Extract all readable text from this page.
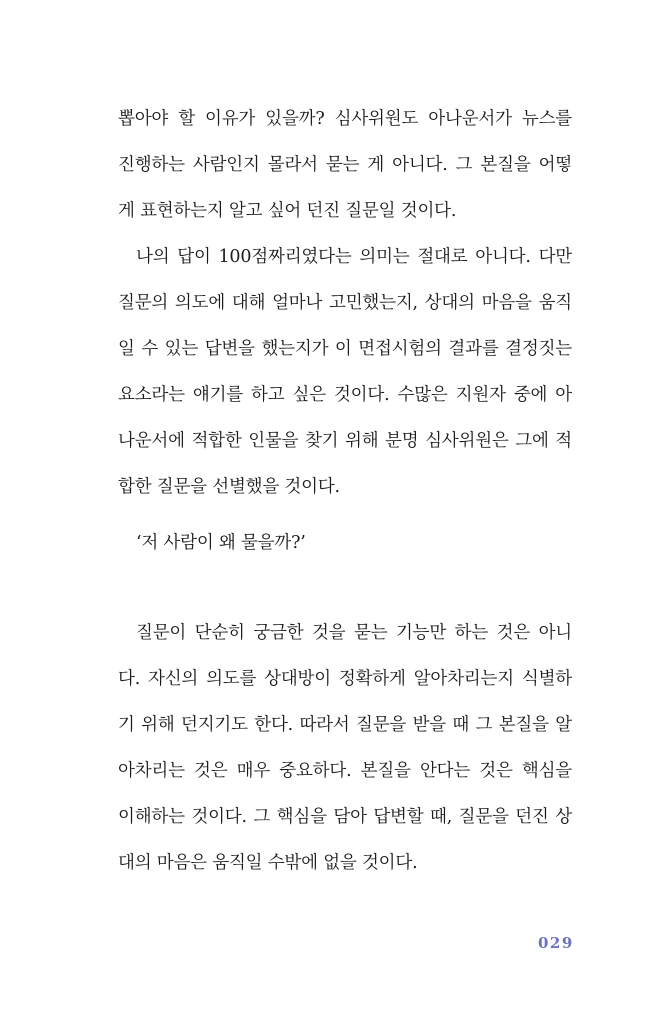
뽑아야 할 이유가 있을까? 심사위원도 아나운서가 뉴스를
진행하는 사람인지 몰라서 묻는 게 아니다. 그 본질을 어떻
게 표현하는지 알고 싶어 던진 질문일 것이다.
나의 답이 100점짜리였다는 의미는 절대로 아니다. 다만
질문의 의도에 대해 얼마나 고민했는지, 상대의 마음을 움직
일 수 있는 답변을 했는지가 이 면접시험의 결과를 결정짓는
요소라는 얘기를 하고 싶은 것이다. 수많은 지원자 중에 아
나운서에 적합한 인물을 찾기 위해 분명 심사위원은 그에 적
합한 질문을 선별했을 것이다.
‘저 사람이 왜 물을까?’
질문이 단순히 궁금한 것을 묻는 기능만 하는 것은 아니
다. 자신의 의도를 상대방이 정확하게 알아차리는지 식별하
기 위해 던지기도 한다. 따라서 질문을 받을 때 그 본질을 알
아차리는 것은 매우 중요하다. 본질을 안다는 것은 핵심을
이해하는 것이다. 그 핵심을 담아 답변할 때, 질문을 던진 상
대의 마음은 움직일 수밖에 없을 것이다.
029
